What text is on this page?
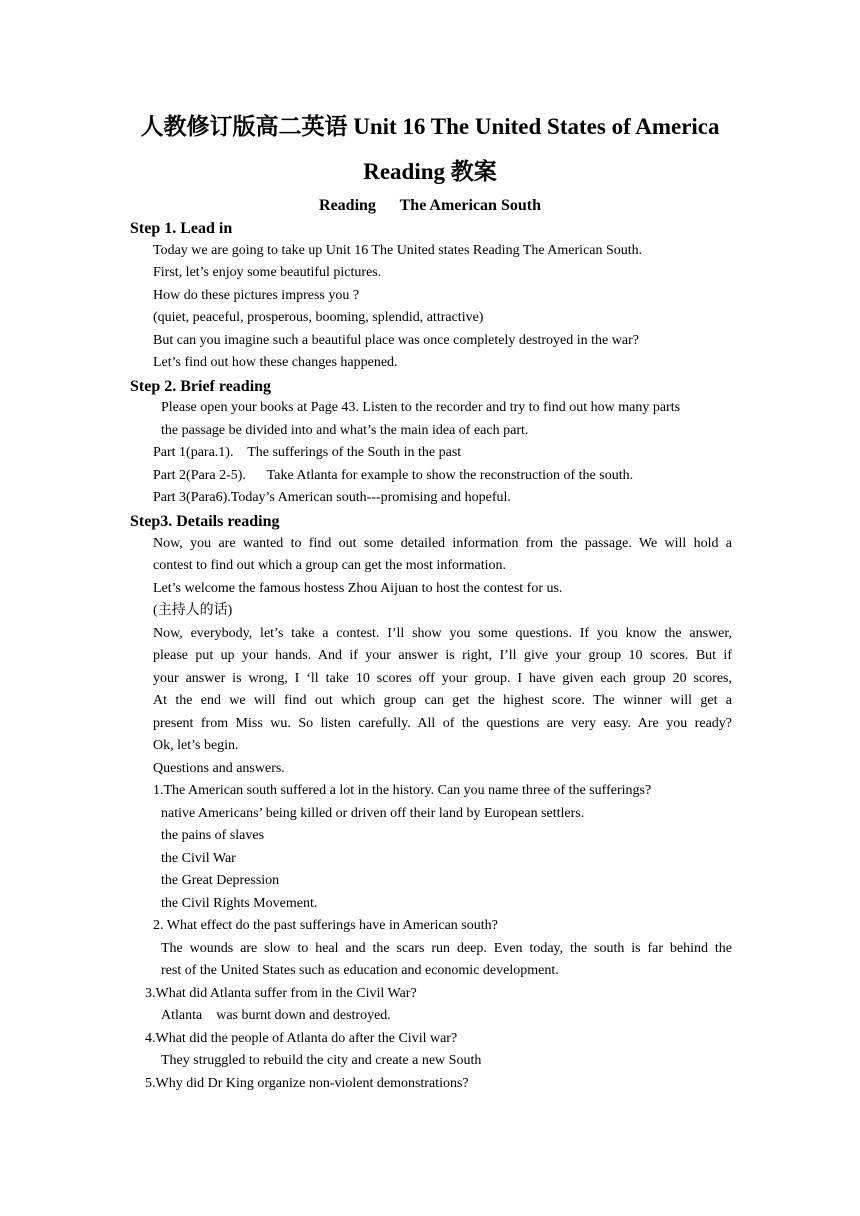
人教修订版高二英语 Unit 16 The United States of America
Reading 教案
Reading      The American South
Step 1. Lead in
Today we are going to take up Unit 16 The United states Reading The American South.
First, let’s enjoy some beautiful pictures.
How do these pictures impress you ?
(quiet, peaceful, prosperous, booming, splendid, attractive)
But can you imagine such a beautiful place was once completely destroyed in the war?
Let’s find out how these changes happened.
Step 2. Brief reading
Please open your books at Page 43. Listen to the recorder and try to find out how many parts
the passage be divided into and what’s the main idea of each part.
Part 1(para.1).    The sufferings of the South in the past
Part 2(Para 2-5).      Take Atlanta for example to show the reconstruction of the south.
Part 3(Para6).Today’s American south---promising and hopeful.
Step3. Details reading
Now, you are wanted to find out some detailed information from the passage. We will hold a
contest to find out which a group can get the most information.
Let’s welcome the famous hostess Zhou Aijuan to host the contest for us.
(主持人的话)
Now, everybody, let’s take a contest. I’ll show you some questions. If you know the answer,
please put up your hands. And if your answer is right, I’ll give your group 10 scores. But if
your answer is wrong, I ‘ll take 10 scores off your group. I have given each group 20 scores,
At the end we will find out which group can get the highest score. The winner will get a
present from Miss wu. So listen carefully. All of the questions are very easy. Are you ready?
Ok, let’s begin.
Questions and answers.
1.The American south suffered a lot in the history. Can you name three of the sufferings?
native Americans’ being killed or driven off their land by European settlers.
the pains of slaves
the Civil War
the Great Depression
the Civil Rights Movement.
2. What effect do the past sufferings have in American south?
The wounds are slow to heal and the scars run deep. Even today, the south is far behind the
rest of the United States such as education and economic development.
3.What did Atlanta suffer from in the Civil War?
Atlanta    was burnt down and destroyed.
4.What did the people of Atlanta do after the Civil war?
They struggled to rebuild the city and create a new South
5.Why did Dr King organize non-violent demonstrations?
